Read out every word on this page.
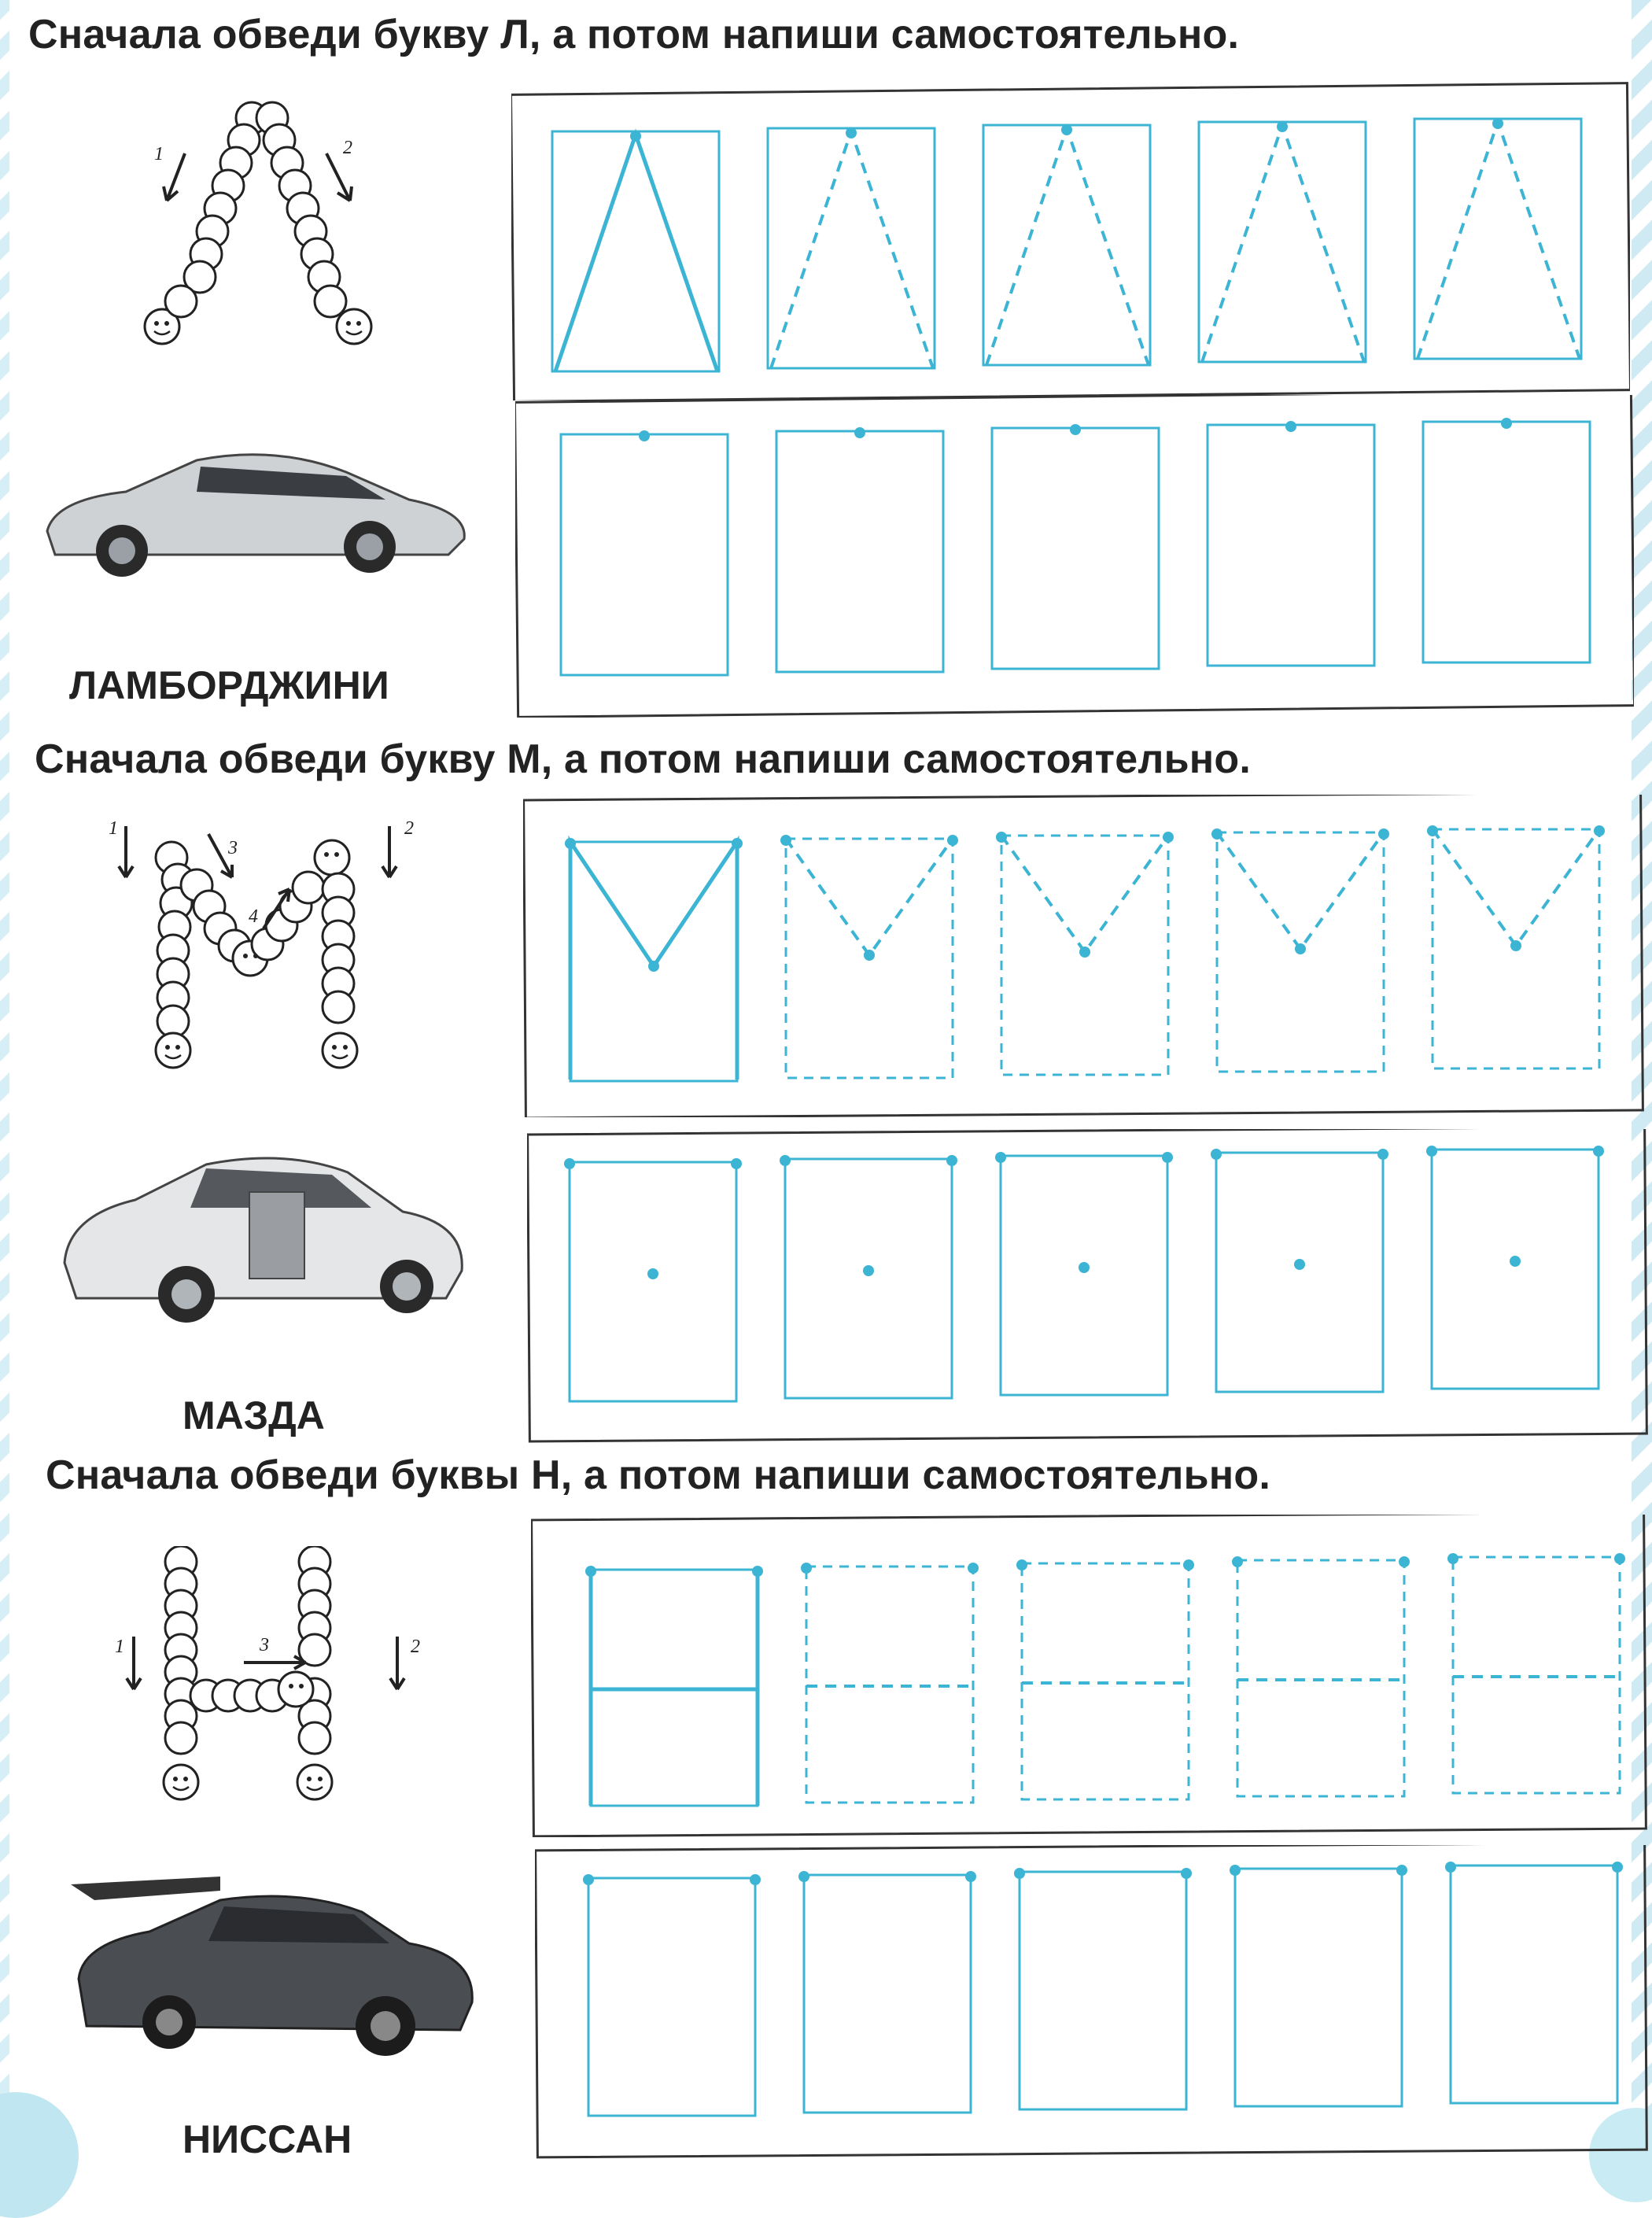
Сначала обведи букву Л, а потом напиши самостоятельно.
1	2
ЛАМБОРДЖИНИ
Сначала обведи букву М, а потом напиши самостоятельно.
1	2
3
4
МАЗДА
Сначала обведи буквы Н, а потом напиши самостоятельно.
1	2
3
НИССАН
